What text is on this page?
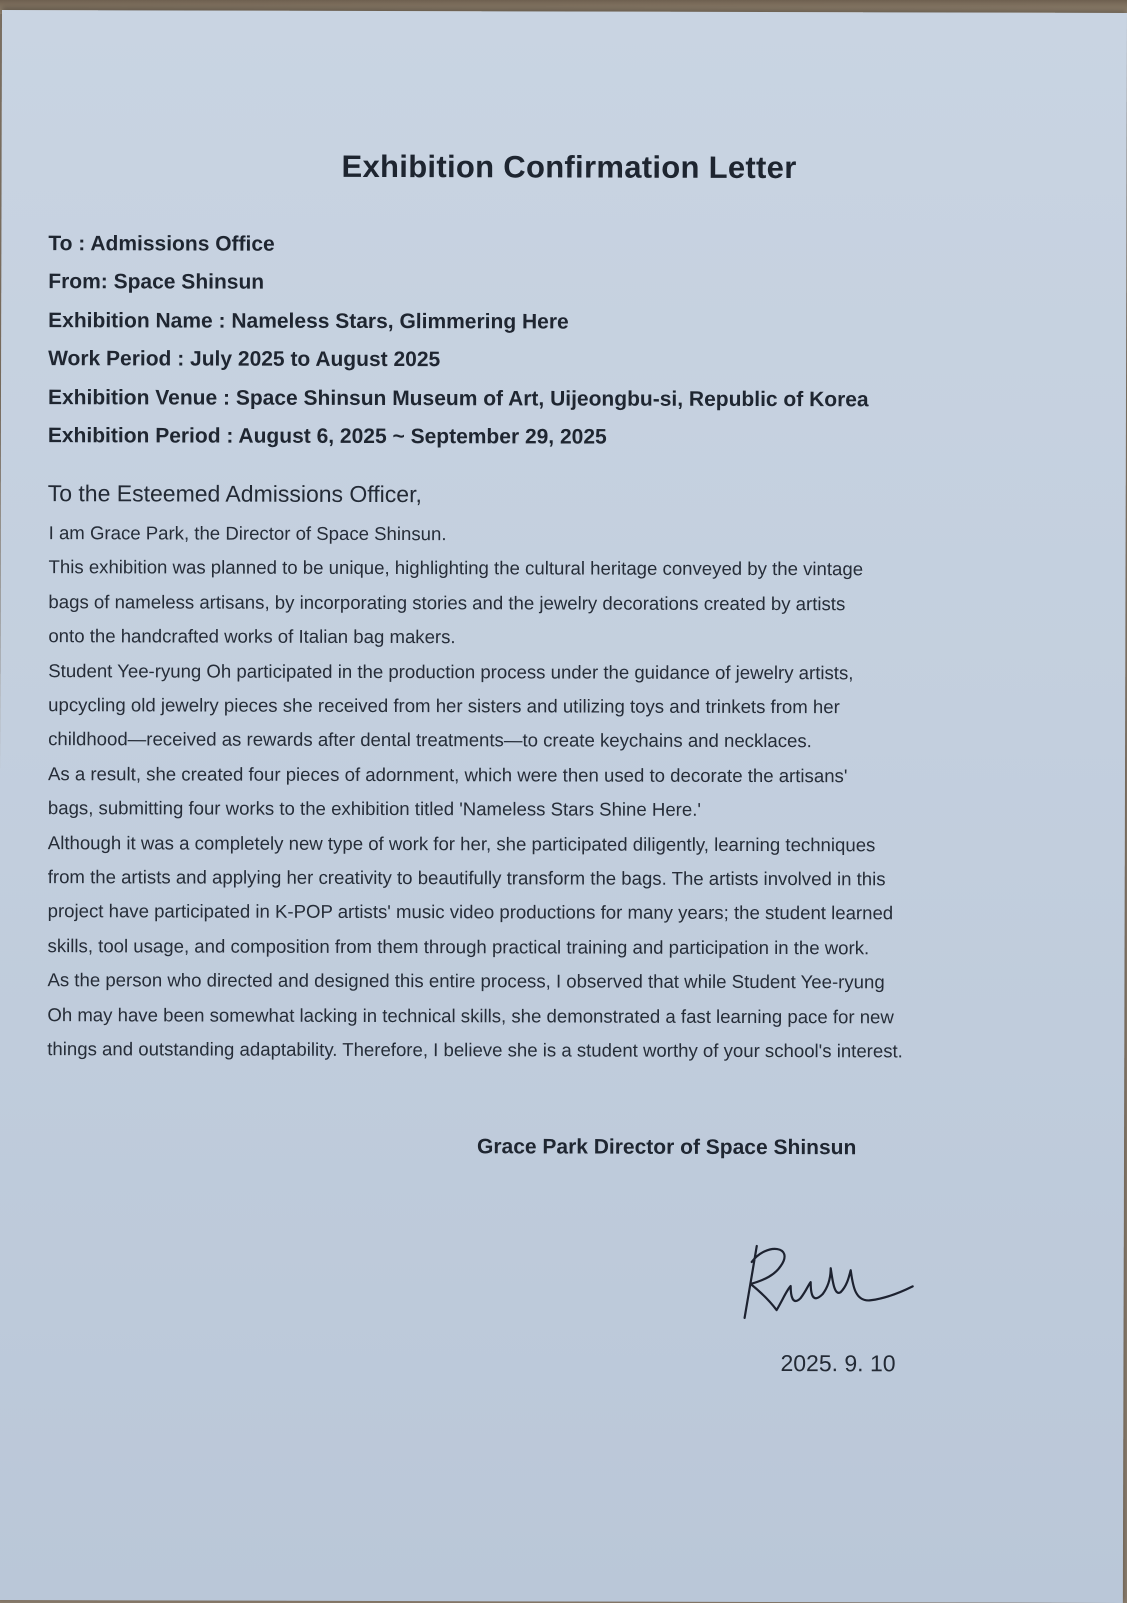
Exhibition Confirmation Letter
To : Admissions Office
From: Space Shinsun
Exhibition Name : Nameless Stars, Glimmering Here
Work Period : July 2025 to August 2025
Exhibition Venue : Space Shinsun Museum of Art, Uijeongbu-si, Republic of Korea
Exhibition Period : August 6, 2025 ~ September 29, 2025
To the Esteemed Admissions Officer,
I am Grace Park, the Director of Space Shinsun.
This exhibition was planned to be unique, highlighting the cultural heritage conveyed by the vintage
bags of nameless artisans, by incorporating stories and the jewelry decorations created by artists
onto the handcrafted works of Italian bag makers.
Student Yee-ryung Oh participated in the production process under the guidance of jewelry artists,
upcycling old jewelry pieces she received from her sisters and utilizing toys and trinkets from her
childhood—received as rewards after dental treatments—to create keychains and necklaces.
As a result, she created four pieces of adornment, which were then used to decorate the artisans'
bags, submitting four works to the exhibition titled 'Nameless Stars Shine Here.'
Although it was a completely new type of work for her, she participated diligently, learning techniques
from the artists and applying her creativity to beautifully transform the bags. The artists involved in this
project have participated in K-POP artists' music video productions for many years; the student learned
skills, tool usage, and composition from them through practical training and participation in the work.
As the person who directed and designed this entire process, I observed that while Student Yee-ryung
Oh may have been somewhat lacking in technical skills, she demonstrated a fast learning pace for new
things and outstanding adaptability. Therefore, I believe she is a student worthy of your school's interest.
Grace Park Director of Space Shinsun
2025. 9. 10
